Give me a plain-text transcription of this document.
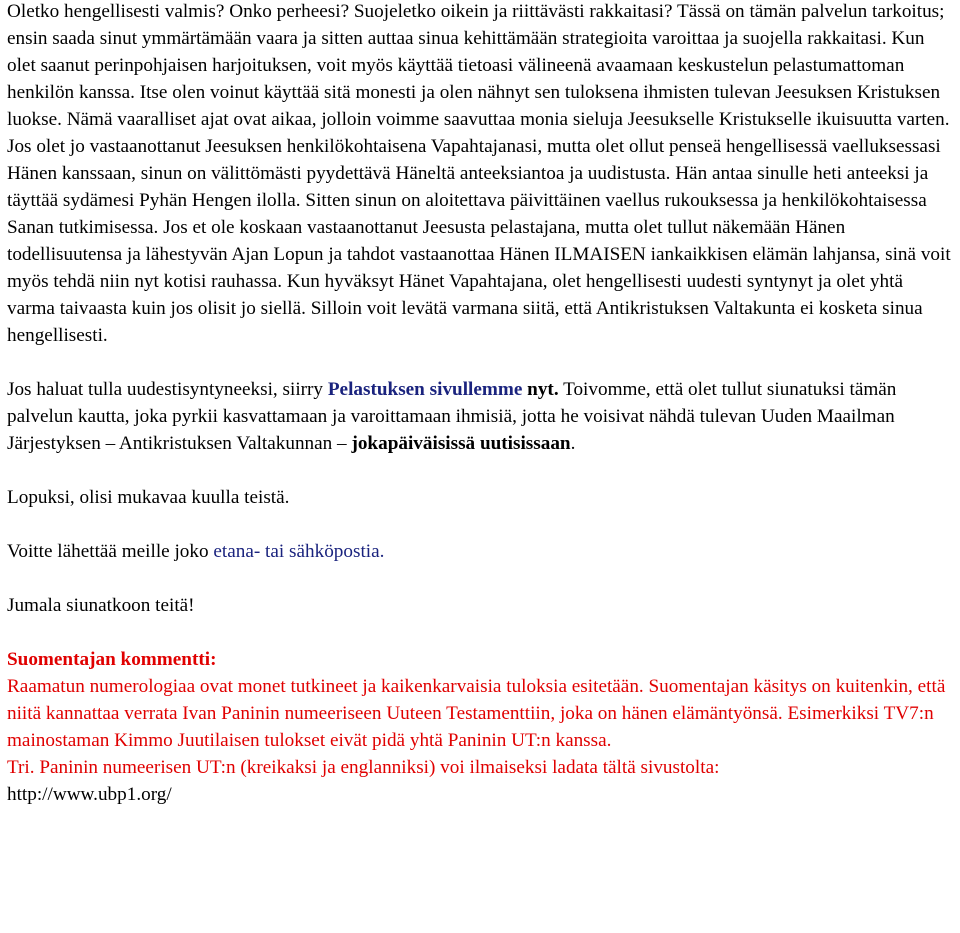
Oletko hengellisesti valmis? Onko perheesi? Suojeletko oikein ja riittävästi rakkaitasi? Tässä on tämän palvelun tarkoitus; ensin saada sinut ymmärtämään vaara ja sitten auttaa sinua kehittämään strategioita varoittaa ja suojella rakkaitasi. Kun olet saanut perinpohjaisen harjoituksen, voit myös käyttää tietoasi välineenä avaamaan keskustelun pelastumattoman henkilön kanssa. Itse olen voinut käyttää sitä monesti ja olen nähnyt sen tuloksena ihmisten tulevan Jeesuksen Kristuksen luokse. Nämä vaaralliset ajat ovat aikaa, jolloin voimme saavuttaa monia sieluja Jeesukselle Kristukselle ikuisuutta varten. Jos olet jo vastaanottanut Jeesuksen henkilökohtaisena Vapahtajanasi, mutta olet ollut penseä hengellisessä vaelluksessasi Hänen kanssaan, sinun on välittömästi pyydettävä Häneltä anteeksiantoa ja uudistusta. Hän antaa sinulle heti anteeksi ja täyttää sydämesi Pyhän Hengen ilolla. Sitten sinun on aloitettava päivittäinen vaellus rukouksessa ja henkilökohtaisessa Sanan tutkimisessa. Jos et ole koskaan vastaanottanut Jeesusta pelastajana, mutta olet tullut näkemään Hänen todellisuutensa ja lähestyvän Ajan Lopun ja tahdot vastaanottaa Hänen ILMAISEN iankaikkisen elämän lahjansa, sinä voit myös tehdä niin nyt kotisi rauhassa. Kun hyväksyt Hänet Vapahtajana, olet hengellisesti uudesti syntynyt ja olet yhtä varma taivaasta kuin jos olisit jo siellä. Silloin voit levätä varmana siitä, että Antikristuksen Valtakunta ei kosketa sinua hengellisesti.

Jos haluat tulla uudestisyntyneeksi, siirry Pelastuksen sivullemme nyt. Toivomme, että olet tullut siunatuksi tämän palvelun kautta, joka pyrkii kasvattamaan ja varoittamaan ihmisiä, jotta he voisivat nähdä tulevan Uuden Maailman Järjestyksen – Antikristuksen Valtakunnan – jokapäiväisissä uutisissaan.

Lopuksi, olisi mukavaa kuulla teistä.

Voitte lähettää meille joko etana- tai sähköpostia.

Jumala siunatkoon teitä!

Suomentajan kommentti:

Raamatun numerologiaa ovat monet tutkineet ja kaikenkarvaisia tuloksia esitetään. Suomentajan käsitys on kuitenkin, että niitä kannattaa verrata Ivan Paninin numeeriseen Uuteen Testamenttiin, joka on hänen elämäntyönsä. Esimerkiksi TV7:n mainostaman Kimmo Juutilaisen tulokset eivät pidä yhtä Paninin UT:n kanssa.

Tri. Paninin numeerisen UT:n (kreikaksi ja englanniksi) voi ilmaiseksi ladata tältä sivustolta:

http://www.ubp1.org/
